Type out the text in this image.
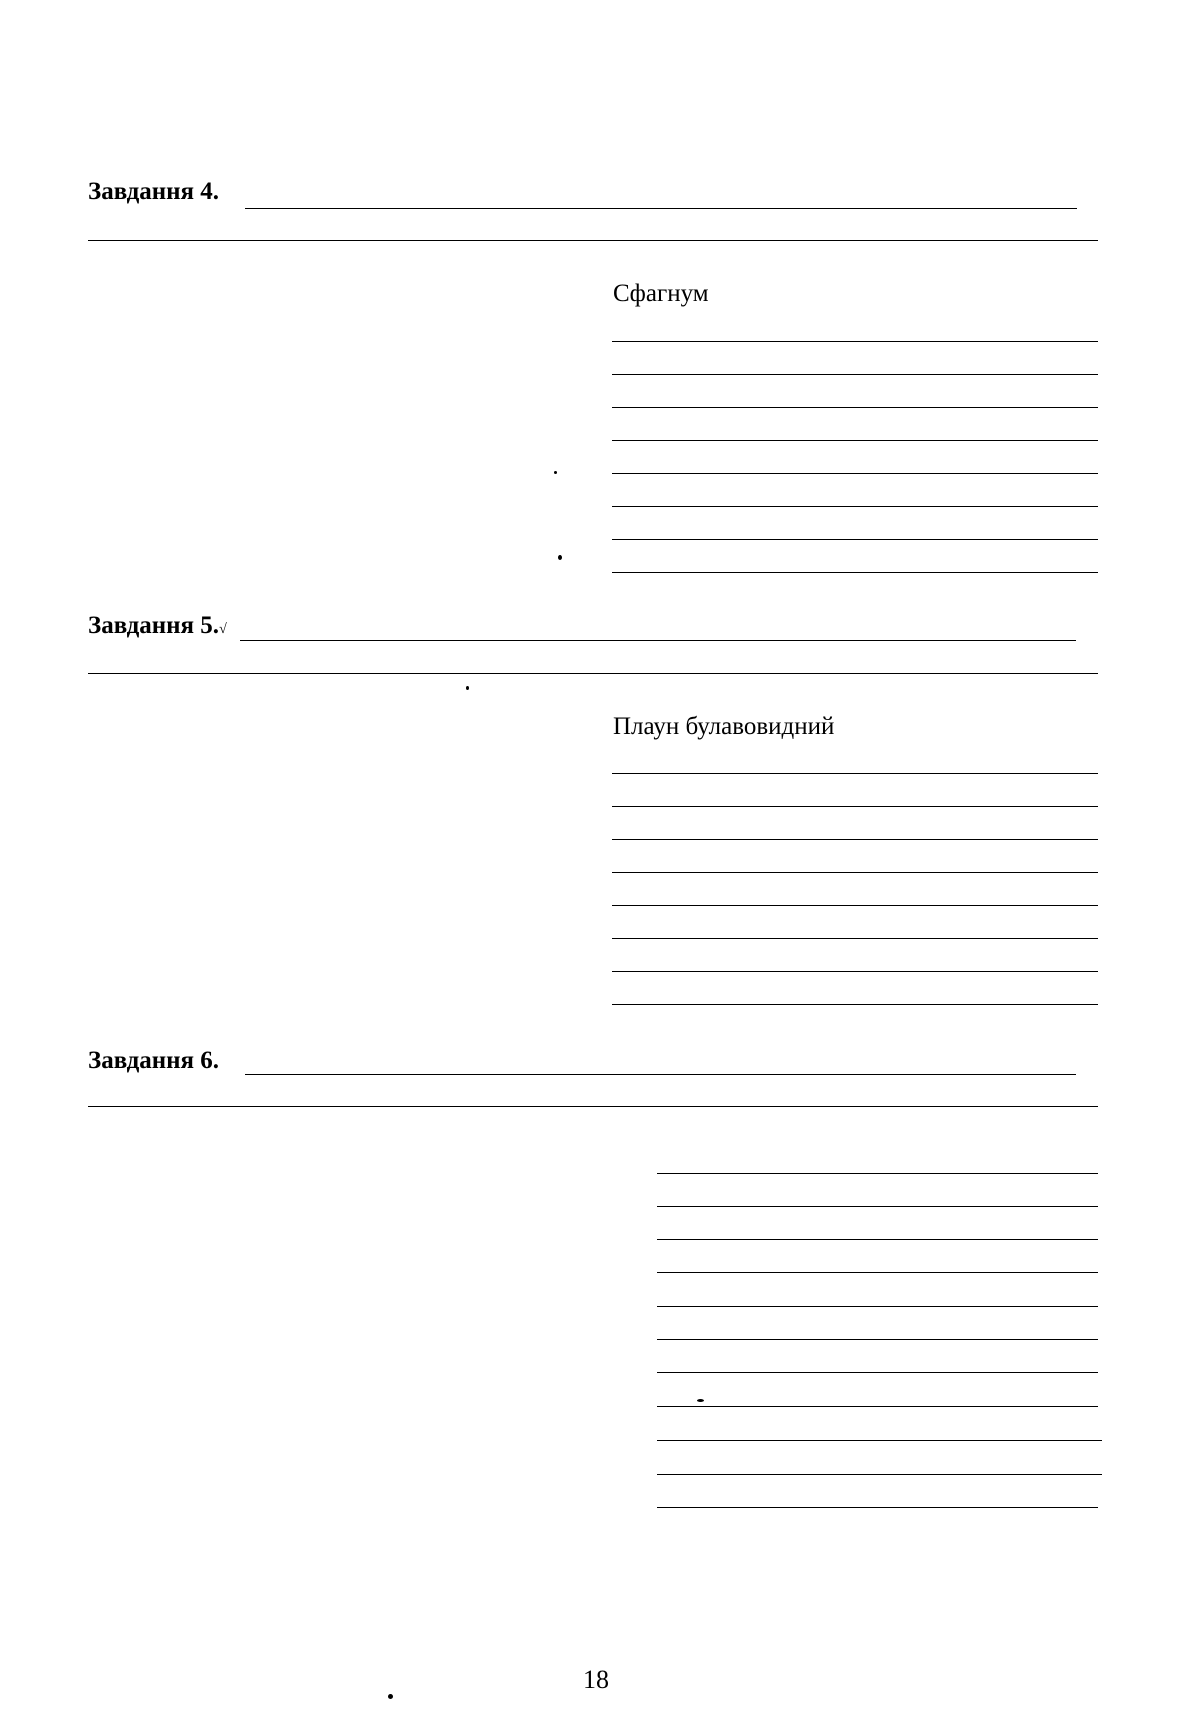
Завдання 4.
Сфагнум
Завдання 5.√
Плаун булавовидний
Завдання 6.
18
